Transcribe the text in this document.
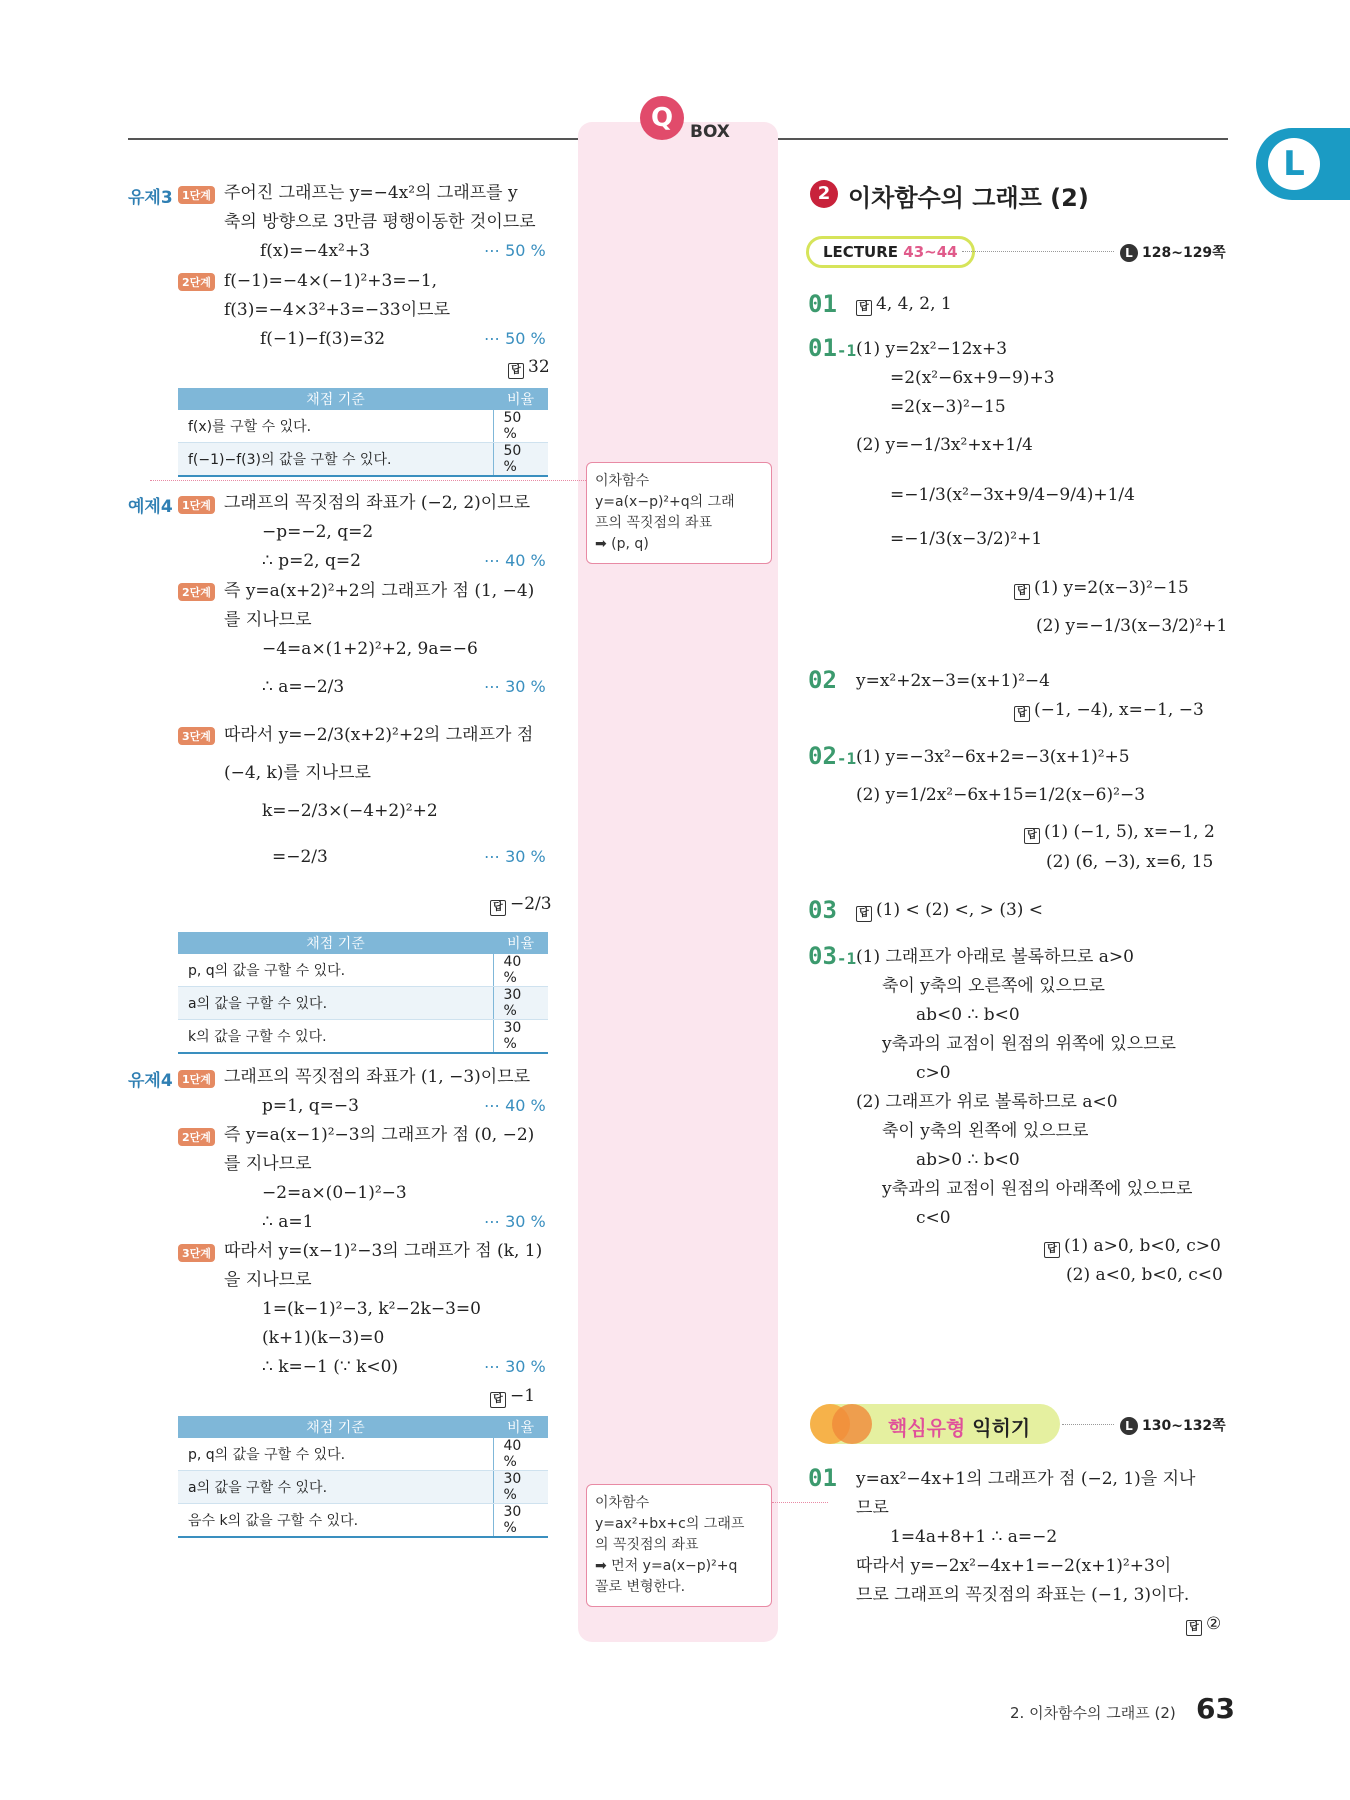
Q BOX
L
유제3 1단계 주어진 그래프는 y=−4x²의 그래프를 y
축의 방향으로 3만큼 평행이동한 것이므로
f(x)=−4x²+3	⋯ 50 %
2단계 f(−1)=−4×(−1)²+3=−1,
f(3)=−4×3²+3=−33이므로
f(−1)−f(3)=32	⋯ 50 %
답 32
채점 기준	비율
f(x)를 구할 수 있다.	50 %
f(−1)−f(3)의 값을 구할 수 있다.	50 %
예제4 1단계 그래프의 꼭짓점의 좌표가 (−2, 2)이므로
−p=−2, q=2
∴ p=2, q=2	⋯ 40 %
2단계 즉 y=a(x+2)²+2의 그래프가 점 (1, −4)
를 지나므로
−4=a×(1+2)²+2, 9a=−6
∴ a=−2/3	⋯ 30 %
3단계 따라서 y=−2/3(x+2)²+2의 그래프가 점
(−4, k)를 지나므로
k=−2/3×(−4+2)²+2
=−2/3	⋯ 30 %
답 −2/3
채점 기준	비율
p, q의 값을 구할 수 있다.	40 %
a의 값을 구할 수 있다.	30 %
k의 값을 구할 수 있다.	30 %
유제4 1단계 그래프의 꼭짓점의 좌표가 (1, −3)이므로
p=1, q=−3	⋯ 40 %
2단계 즉 y=a(x−1)²−3의 그래프가 점 (0, −2)
를 지나므로
−2=a×(0−1)²−3
∴ a=1	⋯ 30 %
3단계 따라서 y=(x−1)²−3의 그래프가 점 (k, 1)
을 지나므로
1=(k−1)²−3, k²−2k−3=0
(k+1)(k−3)=0
∴ k=−1 (∵ k<0)	⋯ 30 %
답 −1
채점 기준	비율
p, q의 값을 구할 수 있다.	40 %
a의 값을 구할 수 있다.	30 %
음수 k의 값을 구할 수 있다.	30 %
이차함수
y=a(x−p)²+q의 그래
프의 꼭짓점의 좌표
➡ (p, q)
이차함수
y=ax²+bx+c의 그래프
의 꼭짓점의 좌표
➡ 먼저 y=a(x−p)²+q
꼴로 변형한다.
2 이차함수의 그래프 (2)
LECTURE 43~44	L 128~129쪽
01	답 4, 4, 2, 1
01-1 (1) y=2x²−12x+3
=2(x²−6x+9−9)+3
=2(x−3)²−15
(2) y=−1/3x²+x+1/4
=−1/3(x²−3x+9/4−9/4)+1/4
=−1/3(x−3/2)²+1
답 (1) y=2(x−3)²−15
(2) y=−1/3(x−3/2)²+1
02 y=x²+2x−3=(x+1)²−4
답 (−1, −4), x=−1, −3
02-1 (1) y=−3x²−6x+2=−3(x+1)²+5
(2) y=1/2x²−6x+15=1/2(x−6)²−3
답 (1) (−1, 5), x=−1, 2
(2) (6, −3), x=6, 15
03	답 (1) < (2) <, > (3) <
03-1 (1) 그래프가 아래로 볼록하므로 a>0
축이 y축의 오른쪽에 있으므로
ab<0 ∴ b<0
y축과의 교점이 원점의 위쪽에 있으므로
c>0
(2) 그래프가 위로 볼록하므로 a<0
축이 y축의 왼쪽에 있으므로
ab>0 ∴ b<0
y축과의 교점이 원점의 아래쪽에 있으므로
c<0
답 (1) a>0, b<0, c>0
(2) a<0, b<0, c<0
핵심유형 익히기	L 130~132쪽
01 y=ax²−4x+1의 그래프가 점 (−2, 1)을 지나
므로
1=4a+8+1 ∴ a=−2
따라서 y=−2x²−4x+1=−2(x+1)²+3이
므로 그래프의 꼭짓점의 좌표는 (−1, 3)이다.
답 ②
2. 이차함수의 그래프 (2) 63
